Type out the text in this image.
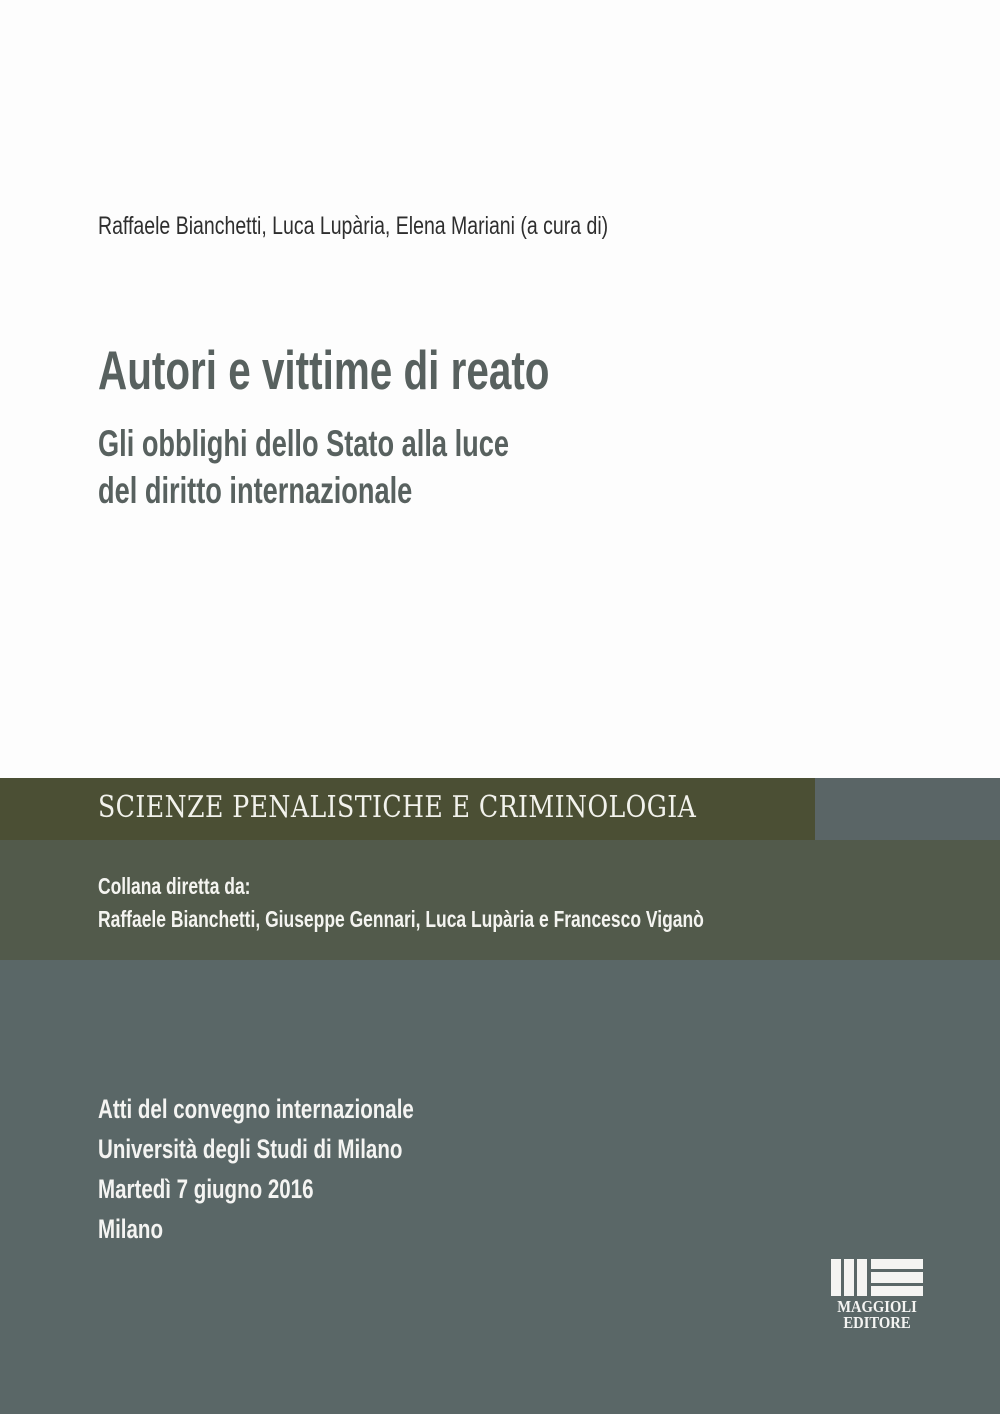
Raffaele Bianchetti, Luca Lupària, Elena Mariani (a cura di)
Autori e vittime di reato
Gli obblighi dello Stato alla luce
del diritto internazionale
SCIENZE PENALISTICHE E CRIMINOLOGIA
Collana diretta da:
Raffaele Bianchetti, Giuseppe Gennari, Luca Lupària e Francesco Viganò
Atti del convegno internazionale
Università degli Studi di Milano
Martedì 7 giugno 2016
Milano
MAGGIOLI
EDITORE
